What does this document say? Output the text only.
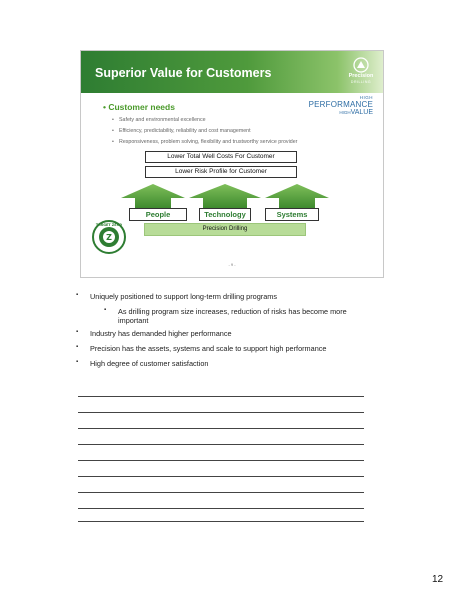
Superior Value for Customers	Precision
DRILLING
HIGH
PERFORMANCE
HIGHVALUE
• Customer needs
• Safety and environmental excellence
• Efficiency, predictability, reliability and cost management
• Responsiveness, problem solving, flexibility and trustworthy service provider
Lower Total Well Costs For Customer
Lower Risk Profile for Customer
People	Technology	Systems
Precision Drilling
Z
TARGET ZERO
- 9 -
▪ Uniquely positioned to support long-term drilling programs
▪ As drilling program size increases, reduction of risks has become more
important
▪ Industry has demanded higher performance
▪ Precision has the assets, systems and scale to support high performance
▪ High degree of customer satisfaction
12
